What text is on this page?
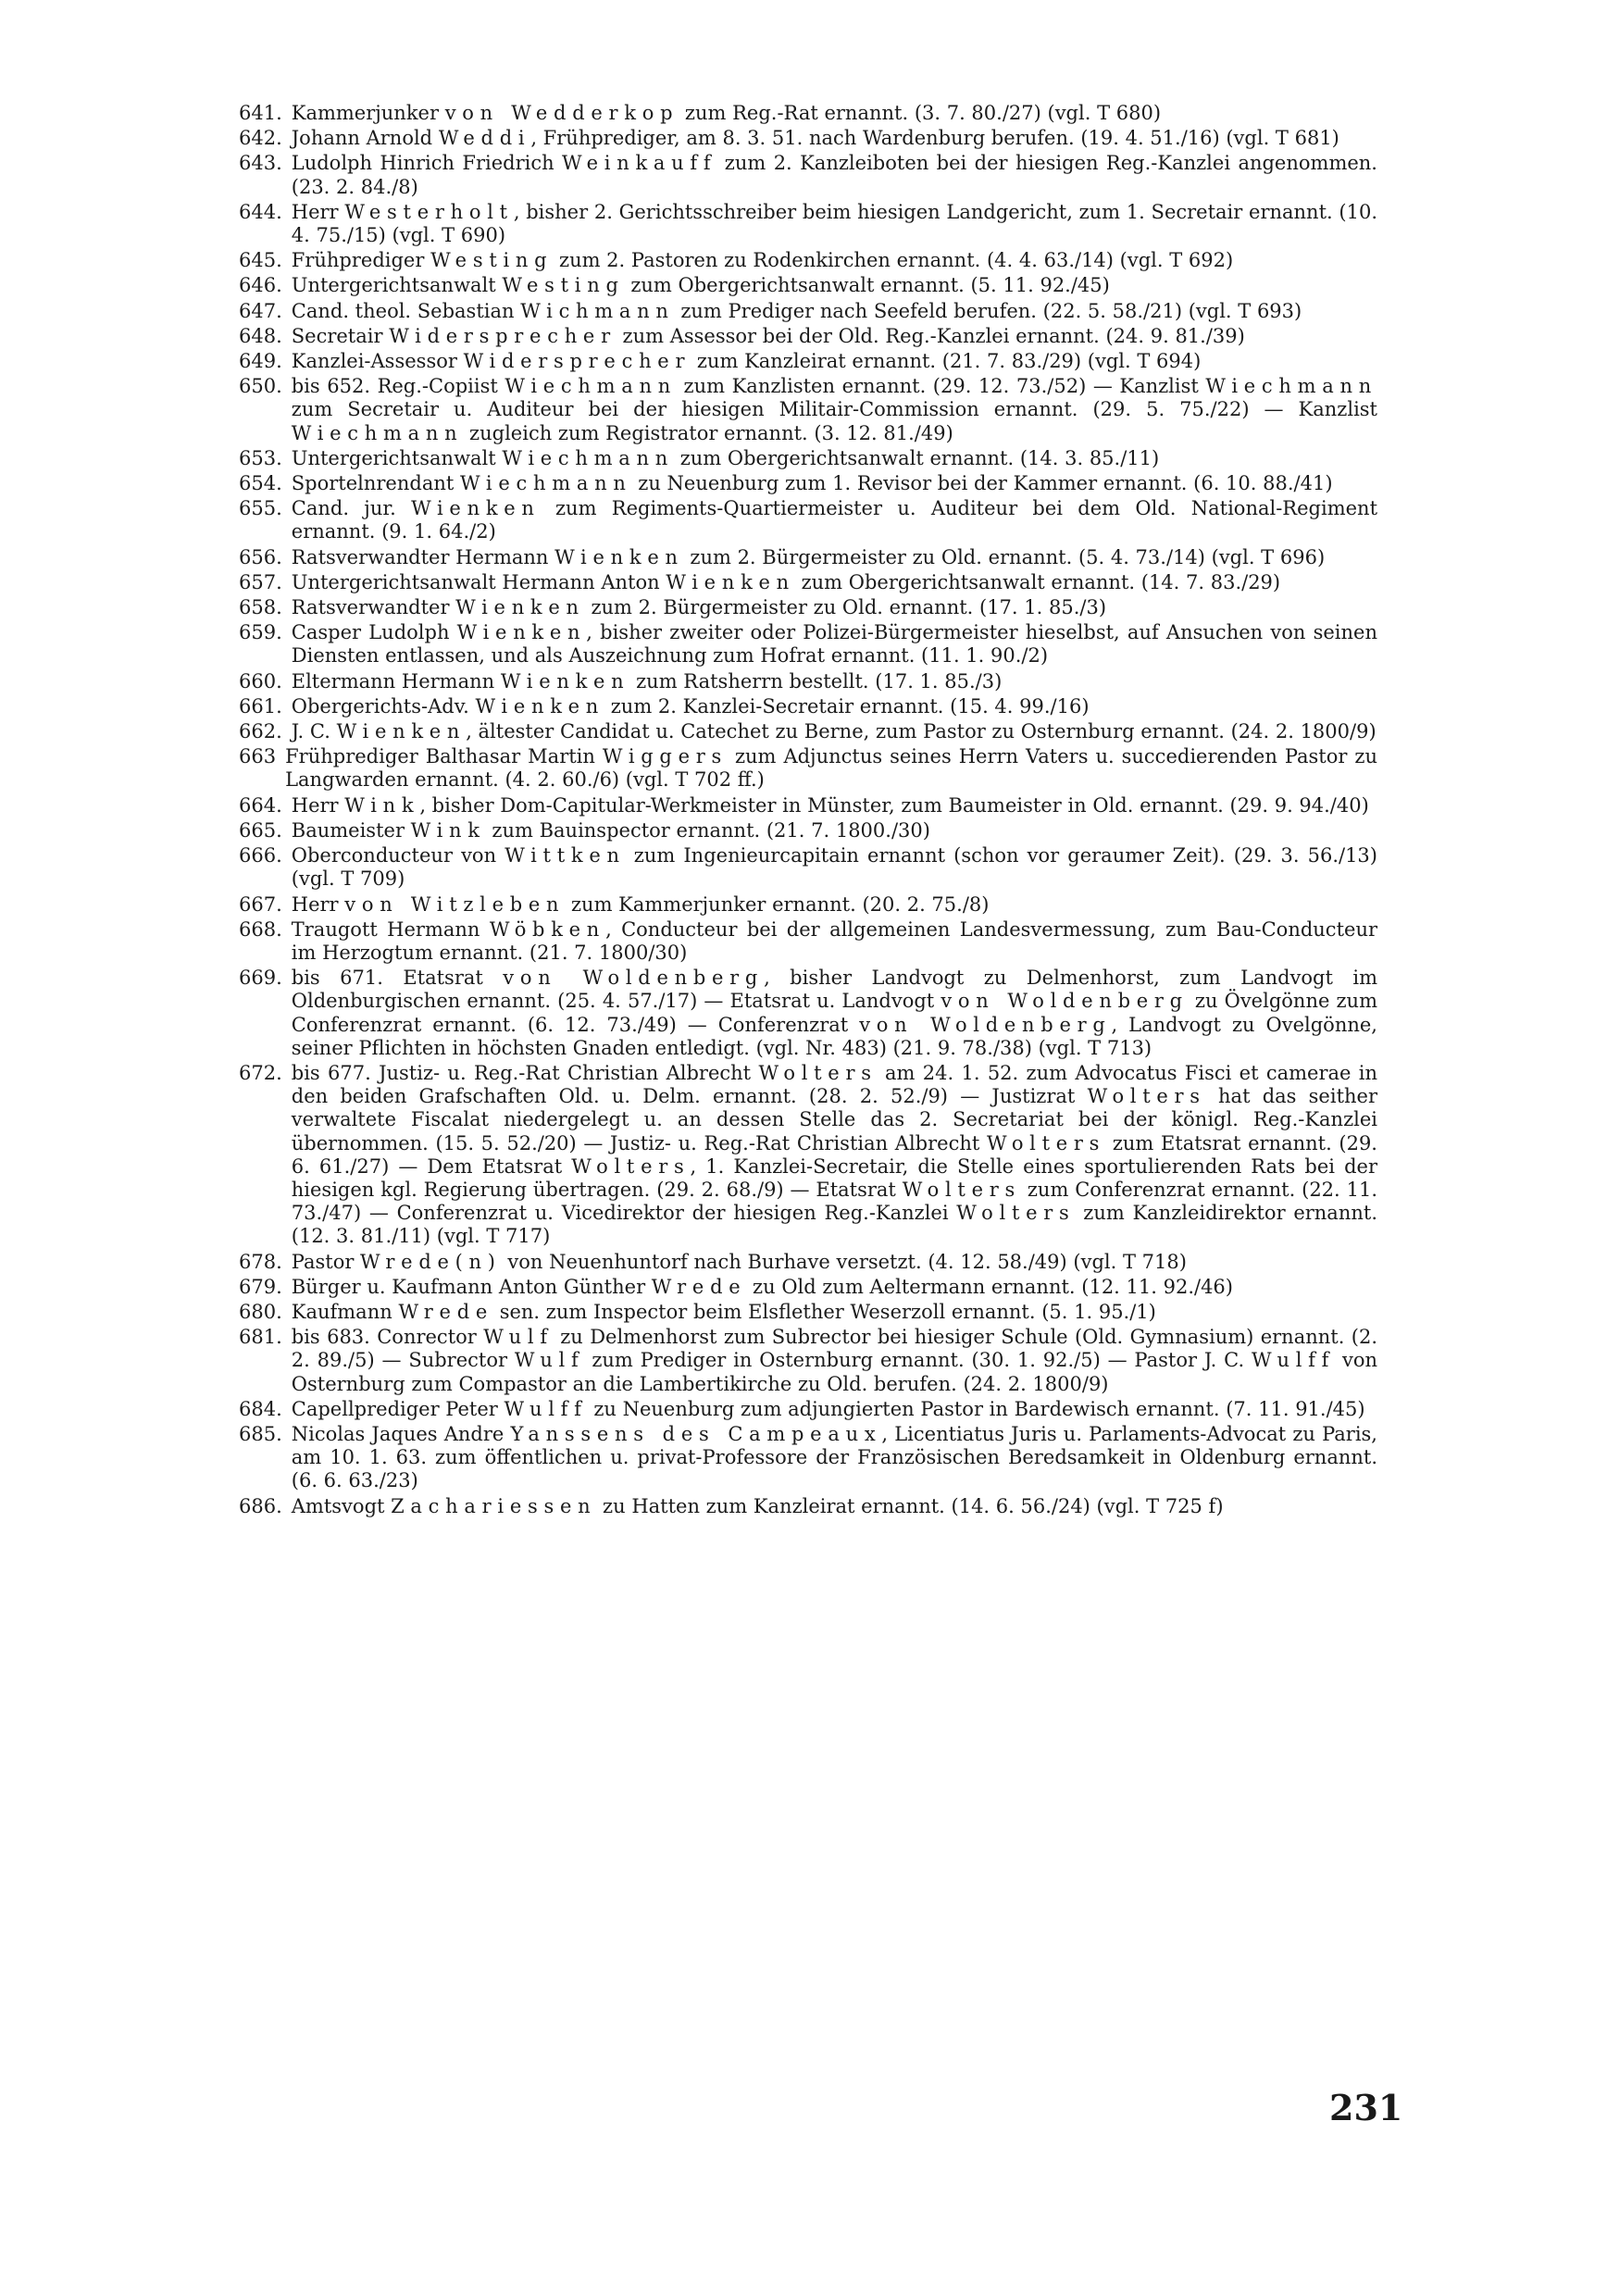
641. Kammerjunker von Wedderkop zum Reg.-Rat ernannt. (3. 7. 80./27) (vgl. T 680)
642. Johann Arnold Weddi, Frühprediger, am 8. 3. 51. nach Wardenburg berufen. (19. 4. 51./16) (vgl. T 681)
643. Ludolph Hinrich Friedrich Weinkauff zum 2. Kanzleiboten bei der hiesigen Reg.-Kanzlei angenommen. (23. 2. 84./8)
644. Herr Westerholt, bisher 2. Gerichtsschreiber beim hiesigen Landgericht, zum 1. Secretair ernannt. (10. 4. 75./15) (vgl. T 690)
645. Frühprediger Westing zum 2. Pastoren zu Rodenkirchen ernannt. (4. 4. 63./14) (vgl. T 692)
646. Untergerichtsanwalt Westing zum Obergerichtsanwalt ernannt. (5. 11. 92./45)
647. Cand. theol. Sebastian Wichmann zum Prediger nach Seefeld berufen. (22. 5. 58./21) (vgl. T 693)
648. Secretair Widersprecher zum Assessor bei der Old. Reg.-Kanzlei ernannt. (24. 9. 81./39)
649. Kanzlei-Assessor Widersprecher zum Kanzleirat ernannt. (21. 7. 83./29) (vgl. T 694)
650. bis 652. Reg.-Copiist Wiechmann zum Kanzlisten ernannt. (29. 12. 73./52) — Kanzlist Wiechmann zum Secretair u. Auditeur bei der hiesigen Militair-Commission ernannt. (29. 5. 75./22) — Kanzlist Wiechmann zugleich zum Registrator ernannt. (3. 12. 81./49)
653. Untergerichtsanwalt Wiechmann zum Obergerichtsanwalt ernannt. (14. 3. 85./11)
654. Sportelnrendant Wiechmann zu Neuenburg zum 1. Revisor bei der Kammer ernannt. (6. 10. 88./41)
655. Cand. jur. Wienken zum Regiments-Quartiermeister u. Auditeur bei dem Old. National-Regiment ernannt. (9. 1. 64./2)
656. Ratsverwandter Hermann Wienken zum 2. Bürgermeister zu Old. ernannt. (5. 4. 73./14) (vgl. T 696)
657. Untergerichtsanwalt Hermann Anton Wienken zum Obergerichtsanwalt ernannt. (14. 7. 83./29)
658. Ratsverwandter Wienken zum 2. Bürgermeister zu Old. ernannt. (17. 1. 85./3)
659. Casper Ludolph Wienken, bisher zweiter oder Polizei-Bürgermeister hieselbst, auf Ansuchen von seinen Diensten entlassen, und als Auszeichnung zum Hofrat ernannt. (11. 1. 90./2)
660. Eltermann Hermann Wienken zum Ratsherrn bestellt. (17. 1. 85./3)
661. Obergerichts-Adv. Wienken zum 2. Kanzlei-Secretair ernannt. (15. 4. 99./16)
662. J. C. Wienken, ältester Candidat u. Catechet zu Berne, zum Pastor zu Osternburg ernannt. (24. 2. 1800/9)
663 Frühprediger Balthasar Martin Wiggers zum Adjunctus seines Herrn Vaters u. succedierenden Pastor zu Langwarden ernannt. (4. 2. 60./6) (vgl. T 702 ff.)
664. Herr Wink, bisher Dom-Capitular-Werkmeister in Münster, zum Baumeister in Old. ernannt. (29. 9. 94./40)
665. Baumeister Wink zum Bauinspector ernannt. (21. 7. 1800./30)
666. Oberconducteur von Wittken zum Ingenieurcapitain ernannt (schon vor geraumer Zeit). (29. 3. 56./13) (vgl. T 709)
667. Herr von Witzleben zum Kammerjunker ernannt. (20. 2. 75./8)
668. Traugott Hermann Wöbken, Conducteur bei der allgemeinen Landesvermessung, zum Bau-Conducteur im Herzogtum ernannt. (21. 7. 1800/30)
669. bis 671. Etatsrat von Woldenberg, bisher Landvogt zu Delmenhorst, zum Landvogt im Oldenburgischen ernannt. (25. 4. 57./17) — Etatsrat u. Landvogt von Woldenberg zu Övelgönne zum Conferenzrat ernannt. (6. 12. 73./49) — Conferenzrat von Woldenberg, Landvogt zu Ovelgönne, seiner Pflichten in höchsten Gnaden entledigt. (vgl. Nr. 483) (21. 9. 78./38) (vgl. T 713)
672. bis 677. Justiz- u. Reg.-Rat Christian Albrecht Wolters am 24. 1. 52. zum Advocatus Fisci et camerae in den beiden Grafschaften Old. u. Delm. ernannt. (28. 2. 52./9) — Justizrat Wolters hat das seither verwaltete Fiscalat niedergelegt u. an dessen Stelle das 2. Secretariat bei der königl. Reg.-Kanzlei übernommen. (15. 5. 52./20) — Justiz- u. Reg.-Rat Christian Albrecht Wolters zum Etatsrat ernannt. (29. 6. 61./27) — Dem Etatsrat Wolters, 1. Kanzlei-Secretair, die Stelle eines sportulierenden Rats bei der hiesigen kgl. Regierung übertragen. (29. 2. 68./9) — Etatsrat Wolters zum Conferenzrat ernannt. (22. 11. 73./47) — Conferenzrat u. Vicedirektor der hiesigen Reg.-Kanzlei Wolters zum Kanzleidirektor ernannt. (12. 3. 81./11) (vgl. T 717)
678. Pastor Wrede(n) von Neuenhuntorf nach Burhave versetzt. (4. 12. 58./49) (vgl. T 718)
679. Bürger u. Kaufmann Anton Günther Wrede zu Old zum Aeltermann ernannt. (12. 11. 92./46)
680. Kaufmann Wrede sen. zum Inspector beim Elsflether Weserzoll ernannt. (5. 1. 95./1)
681. bis 683. Conrector Wulf zu Delmenhorst zum Subrector bei hiesiger Schule (Old. Gymnasium) ernannt. (2. 2. 89./5) — Subrector Wulf zum Prediger in Osternburg ernannt. (30. 1. 92./5) — Pastor J. C. Wulff von Osternburg zum Compastor an die Lambertikirche zu Old. berufen. (24. 2. 1800/9)
684. Capellprediger Peter Wulff zu Neuenburg zum adjungierten Pastor in Bardewisch ernannt. (7. 11. 91./45)
685. Nicolas Jaques Andre Yanssens des Campeaux, Licentiatus Juris u. Parlaments-Advocat zu Paris, am 10. 1. 63. zum öffentlichen u. privat-Professore der Französischen Beredsamkeit in Oldenburg ernannt. (6. 6. 63./23)
686. Amtsvogt Zachariessen zu Hatten zum Kanzleirat ernannt. (14. 6. 56./24) (vgl. T 725 f)
231
